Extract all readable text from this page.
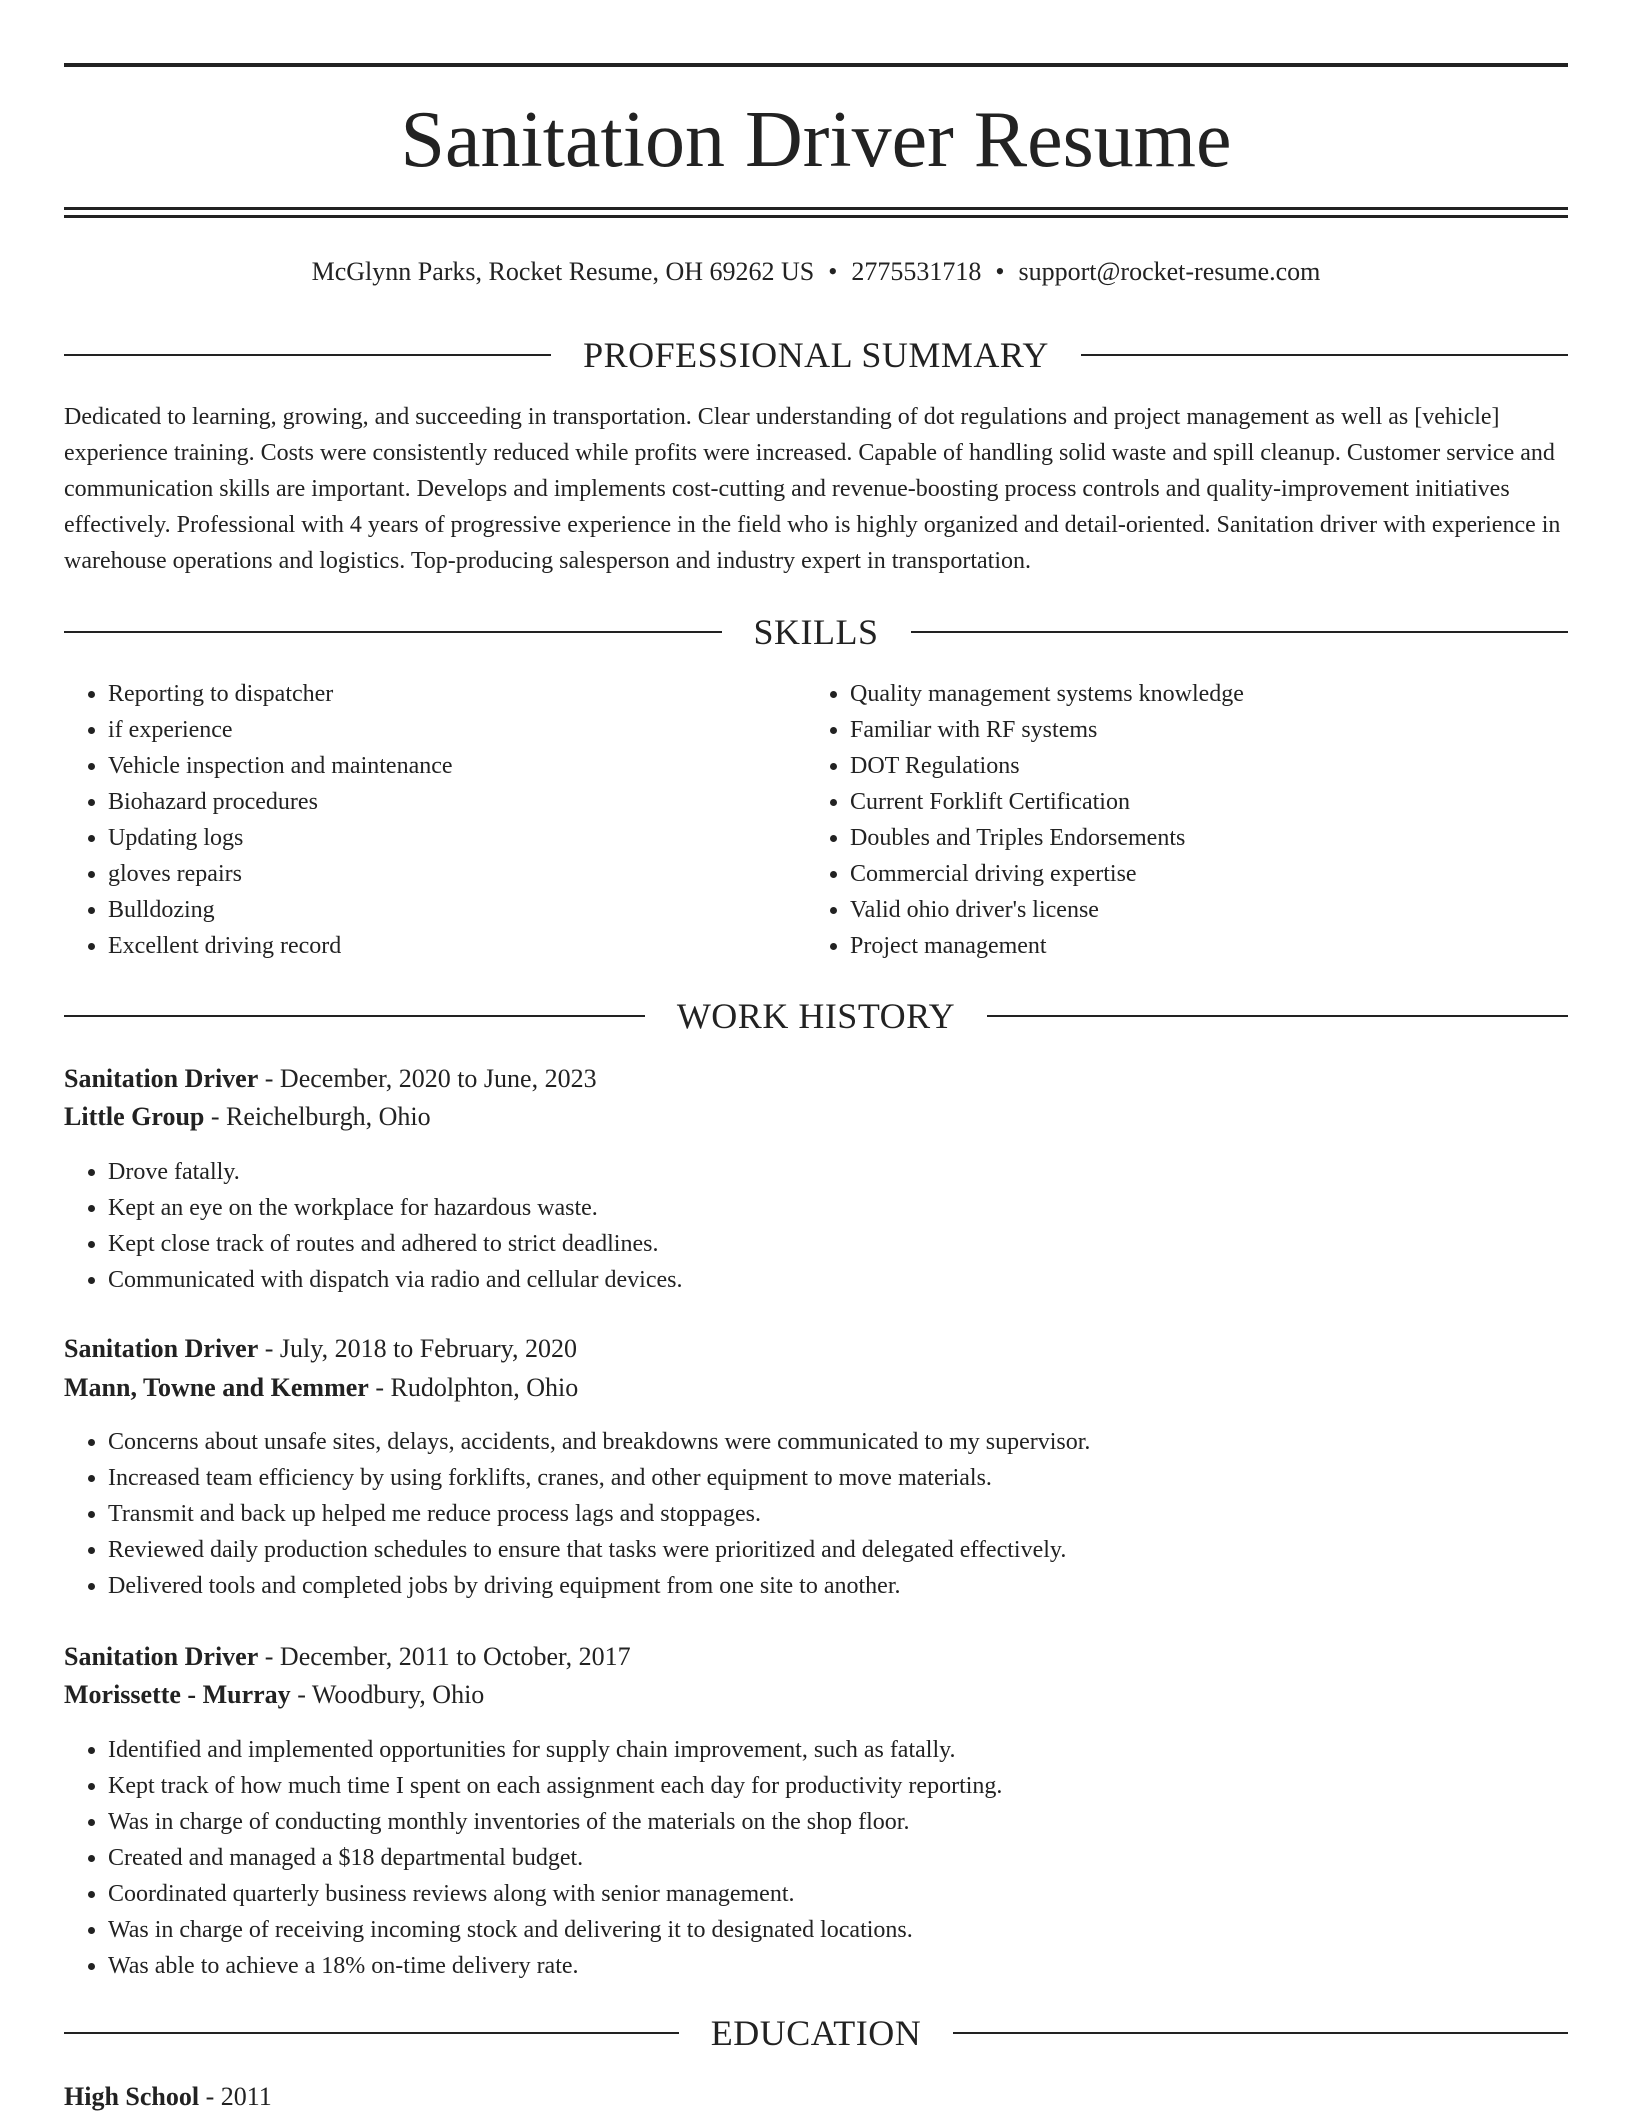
Sanitation Driver Resume
McGlynn Parks, Rocket Resume, OH 69262 US • 2775531718 • support@rocket-resume.com
PROFESSIONAL SUMMARY

Dedicated to learning, growing, and succeeding in transportation. Clear understanding of dot regulations and project management as well as [vehicle] experience training. Costs were consistently reduced while profits were increased. Capable of handling solid waste and spill cleanup. Customer service and communication skills are important. Develops and implements cost-cutting and revenue-boosting process controls and quality-improvement initiatives effectively. Professional with 4 years of progressive experience in the field who is highly organized and detail-oriented. Sanitation driver with experience in warehouse operations and logistics. Top-producing salesperson and industry expert in transportation.

SKILLS
• Reporting to dispatcher
• if experience
• Vehicle inspection and maintenance
• Biohazard procedures
• Updating logs
• gloves repairs
• Bulldozing
• Excellent driving record
• Quality management systems knowledge
• Familiar with RF systems
• DOT Regulations
• Current Forklift Certification
• Doubles and Triples Endorsements
• Commercial driving expertise
• Valid ohio driver's license
• Project management
WORK HISTORY
Sanitation Driver - December, 2020 to June, 2023
Little Group - Reichelburgh, Ohio
• Drove fatally.
• Kept an eye on the workplace for hazardous waste.
• Kept close track of routes and adhered to strict deadlines.
• Communicated with dispatch via radio and cellular devices.
Sanitation Driver - July, 2018 to February, 2020
Mann, Towne and Kemmer - Rudolphton, Ohio
• Concerns about unsafe sites, delays, accidents, and breakdowns were communicated to my supervisor.
• Increased team efficiency by using forklifts, cranes, and other equipment to move materials.
• Transmit and back up helped me reduce process lags and stoppages.
• Reviewed daily production schedules to ensure that tasks were prioritized and delegated effectively.
• Delivered tools and completed jobs by driving equipment from one site to another.
Sanitation Driver - December, 2011 to October, 2017
Morissette - Murray - Woodbury, Ohio
• Identified and implemented opportunities for supply chain improvement, such as fatally.
• Kept track of how much time I spent on each assignment each day for productivity reporting.
• Was in charge of conducting monthly inventories of the materials on the shop floor.
• Created and managed a $18 departmental budget.
• Coordinated quarterly business reviews along with senior management.
• Was in charge of receiving incoming stock and delivering it to designated locations.
• Was able to achieve a 18% on-time delivery rate.
EDUCATION
High School - 2011
